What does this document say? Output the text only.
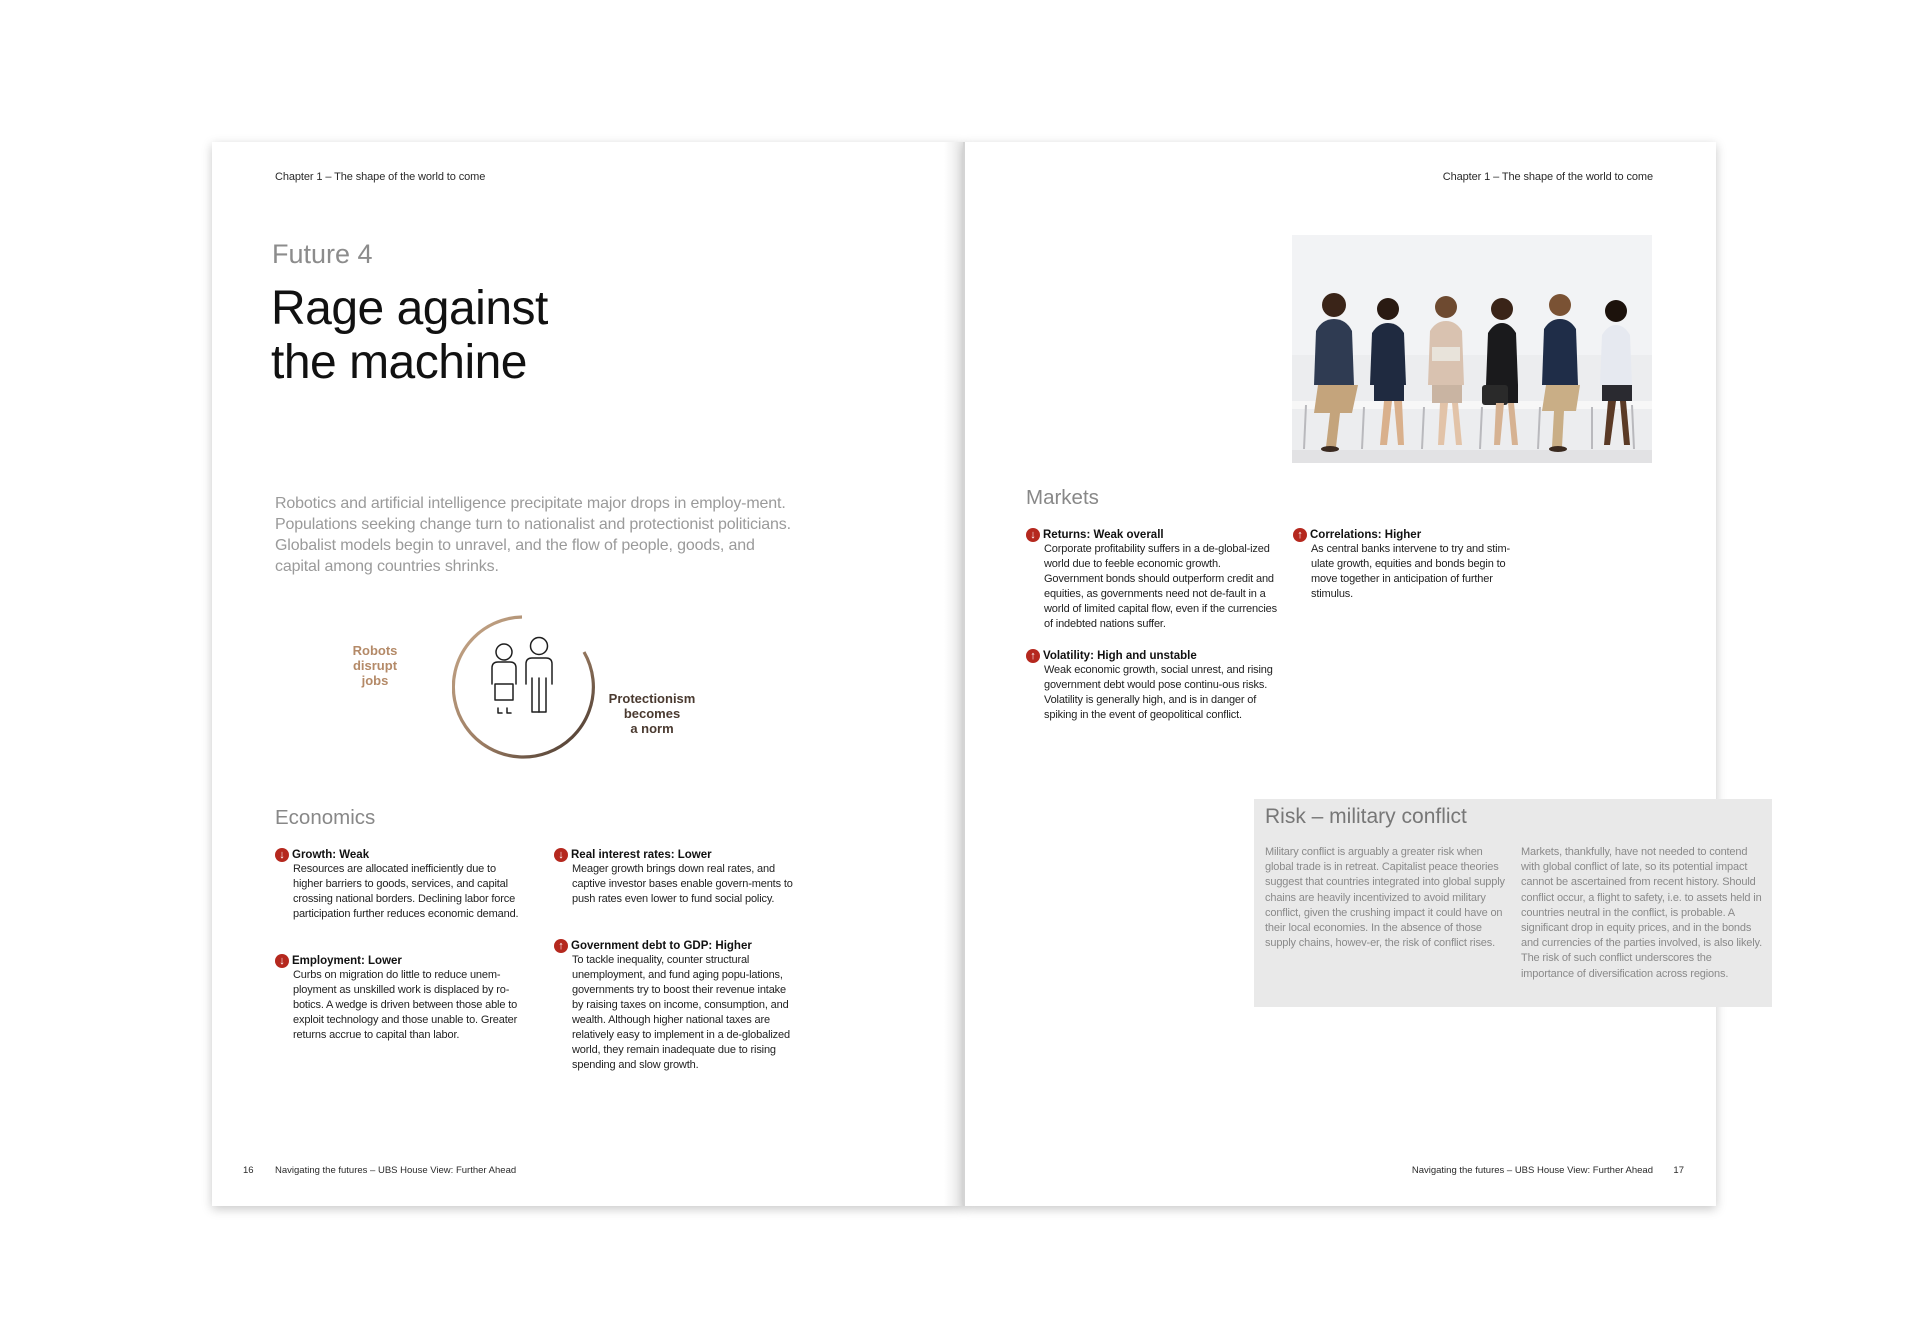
Chapter 1 – The shape of the world to come
Future 4
Rage against
the machine
Robotics and artificial intelligence precipitate major drops in employ-ment. Populations seeking change turn to nationalist and protectionist politicians. Globalist models begin to unravel, and the flow of people, goods, and capital among countries shrinks.
Robots
disrupt
jobs
Protectionism
becomes
a norm
Economics
↓ Growth: Weak
Resources are allocated inefficiently due to higher barriers to goods, services, and capital crossing national borders. Declining labor force participation further reduces economic demand.
↓ Employment: Lower
Curbs on migration do little to reduce unem-ployment as unskilled work is displaced by ro-botics. A wedge is driven between those able to exploit technology and those unable to. Greater returns accrue to capital than labor.
↓ Real interest rates: Lower
Meager growth brings down real rates, and captive investor bases enable govern-ments to push rates even lower to fund social policy.
↑ Government debt to GDP: Higher
To tackle inequality, counter structural unemployment, and fund aging popu-lations, governments try to boost their revenue intake by raising taxes on income, consumption, and wealth. Although higher national taxes are relatively easy to implement in a de-globalized world, they remain inadequate due to rising spending and slow growth.
16 Navigating the futures – UBS House View: Further Ahead
Chapter 1 – The shape of the world to come
Markets
↓ Returns: Weak overall
Corporate profitability suffers in a de-global-ized world due to feeble economic growth. Government bonds should outperform credit and equities, as governments need not de-fault in a world of limited capital flow, even if the currencies of indebted nations suffer.
↑ Volatility: High and unstable
Weak economic growth, social unrest, and rising government debt would pose continu-ous risks. Volatility is generally high, and is in danger of spiking in the event of geopolitical conflict.
↑ Correlations: Higher
As central banks intervene to try and stim-ulate growth, equities and bonds begin to move together in anticipation of further stimulus.
Navigating the futures – UBS House View: Further Ahead 17
Risk – military conflict
Military conflict is arguably a greater risk when global trade is in retreat. Capitalist peace theories suggest that countries integrated into global supply chains are heavily incentivized to avoid military conflict, given the crushing impact it could have on their local economies. In the absence of those supply chains, howev-er, the risk of conflict rises.
Markets, thankfully, have not needed to contend with global conflict of late, so its potential impact cannot be ascertained from recent history. Should conflict occur, a flight to safety, i.e. to assets held in countries neutral in the conflict, is probable. A significant drop in equity prices, and in the bonds and currencies of the parties involved, is also likely. The risk of such conflict underscores the importance of diversification across regions.
